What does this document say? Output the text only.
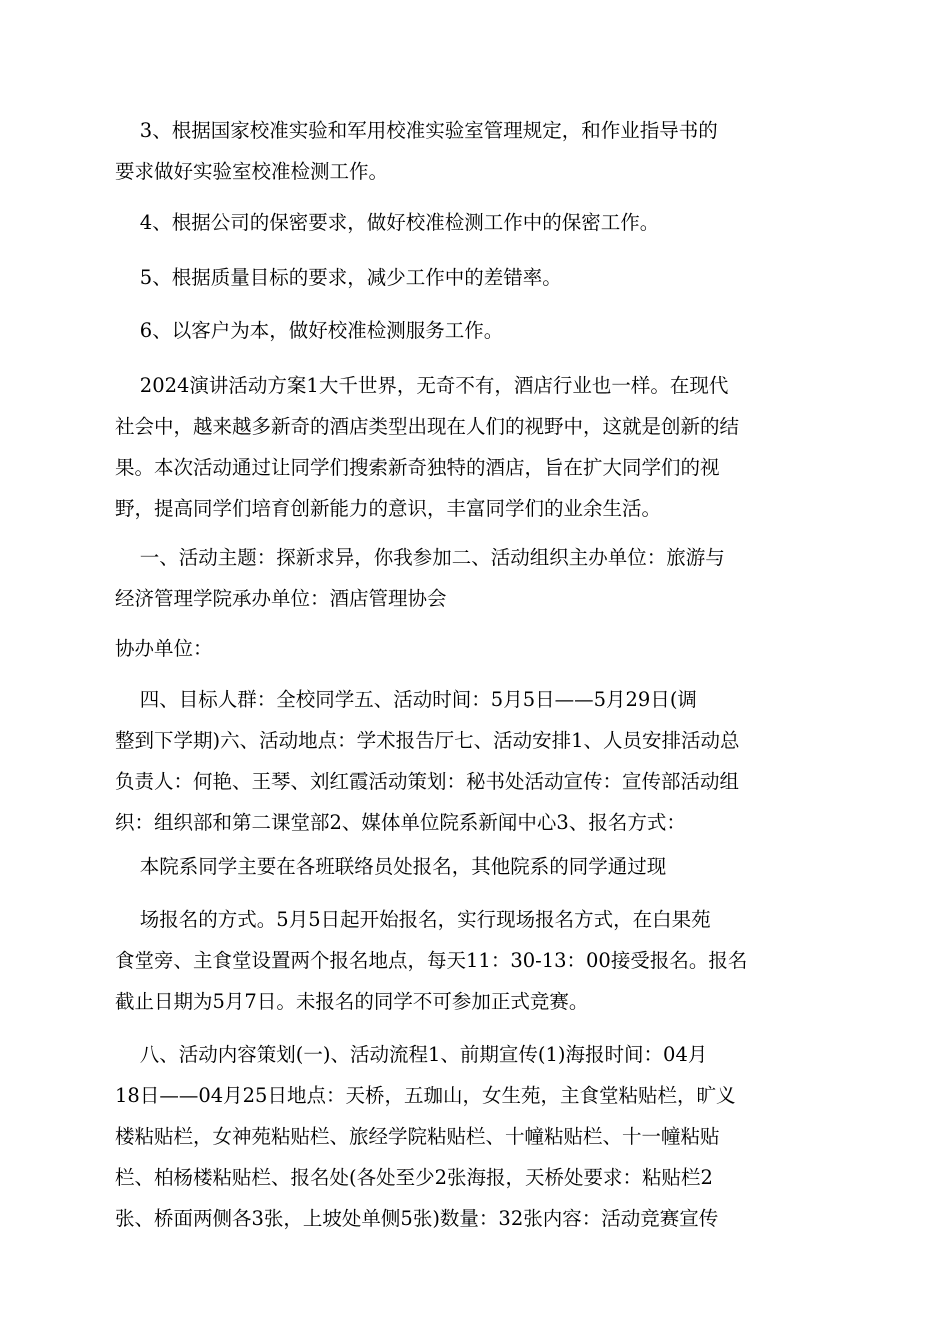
3、根据国家校准实验和军用校准实验室管理规定，和作业指导书的
要求做好实验室校准检测工作。
4、根据公司的保密要求，做好校准检测工作中的保密工作。
5、根据质量目标的要求，减少工作中的差错率。
6、以客户为本，做好校准检测服务工作。
2024演讲活动方案1大千世界，无奇不有，酒店行业也一样。在现代
社会中，越来越多新奇的酒店类型出现在人们的视野中，这就是创新的结
果。本次活动通过让同学们搜索新奇独特的酒店，旨在扩大同学们的视
野，提高同学们培育创新能力的意识，丰富同学们的业余生活。
一、活动主题：探新求异，你我参加二、活动组织主办单位：旅游与
经济管理学院承办单位：酒店管理协会
协办单位：
四、目标人群：全校同学五、活动时间：5月5日——5月29日(调
整到下学期)六、活动地点：学术报告厅七、活动安排1、人员安排活动总
负责人：何艳、王琴、刘红霞活动策划：秘书处活动宣传：宣传部活动组
织：组织部和第二课堂部2、媒体单位院系新闻中心3、报名方式：
本院系同学主要在各班联络员处报名，其他院系的同学通过现
场报名的方式。5月5日起开始报名，实行现场报名方式，在白果苑
食堂旁、主食堂设置两个报名地点，每天11：30-13：00接受报名。报名
截止日期为5月7日。未报名的同学不可参加正式竞赛。
八、活动内容策划(一)、活动流程1、前期宣传(1)海报时间：04月
18日——04月25日地点：天桥，五珈山，女生苑，主食堂粘贴栏，旷义
楼粘贴栏，女神苑粘贴栏、旅经学院粘贴栏、十幢粘贴栏、十一幢粘贴
栏、柏杨楼粘贴栏、报名处(各处至少2张海报，天桥处要求：粘贴栏2
张、桥面两侧各3张，上坡处单侧5张)数量：32张内容：活动竞赛宣传
